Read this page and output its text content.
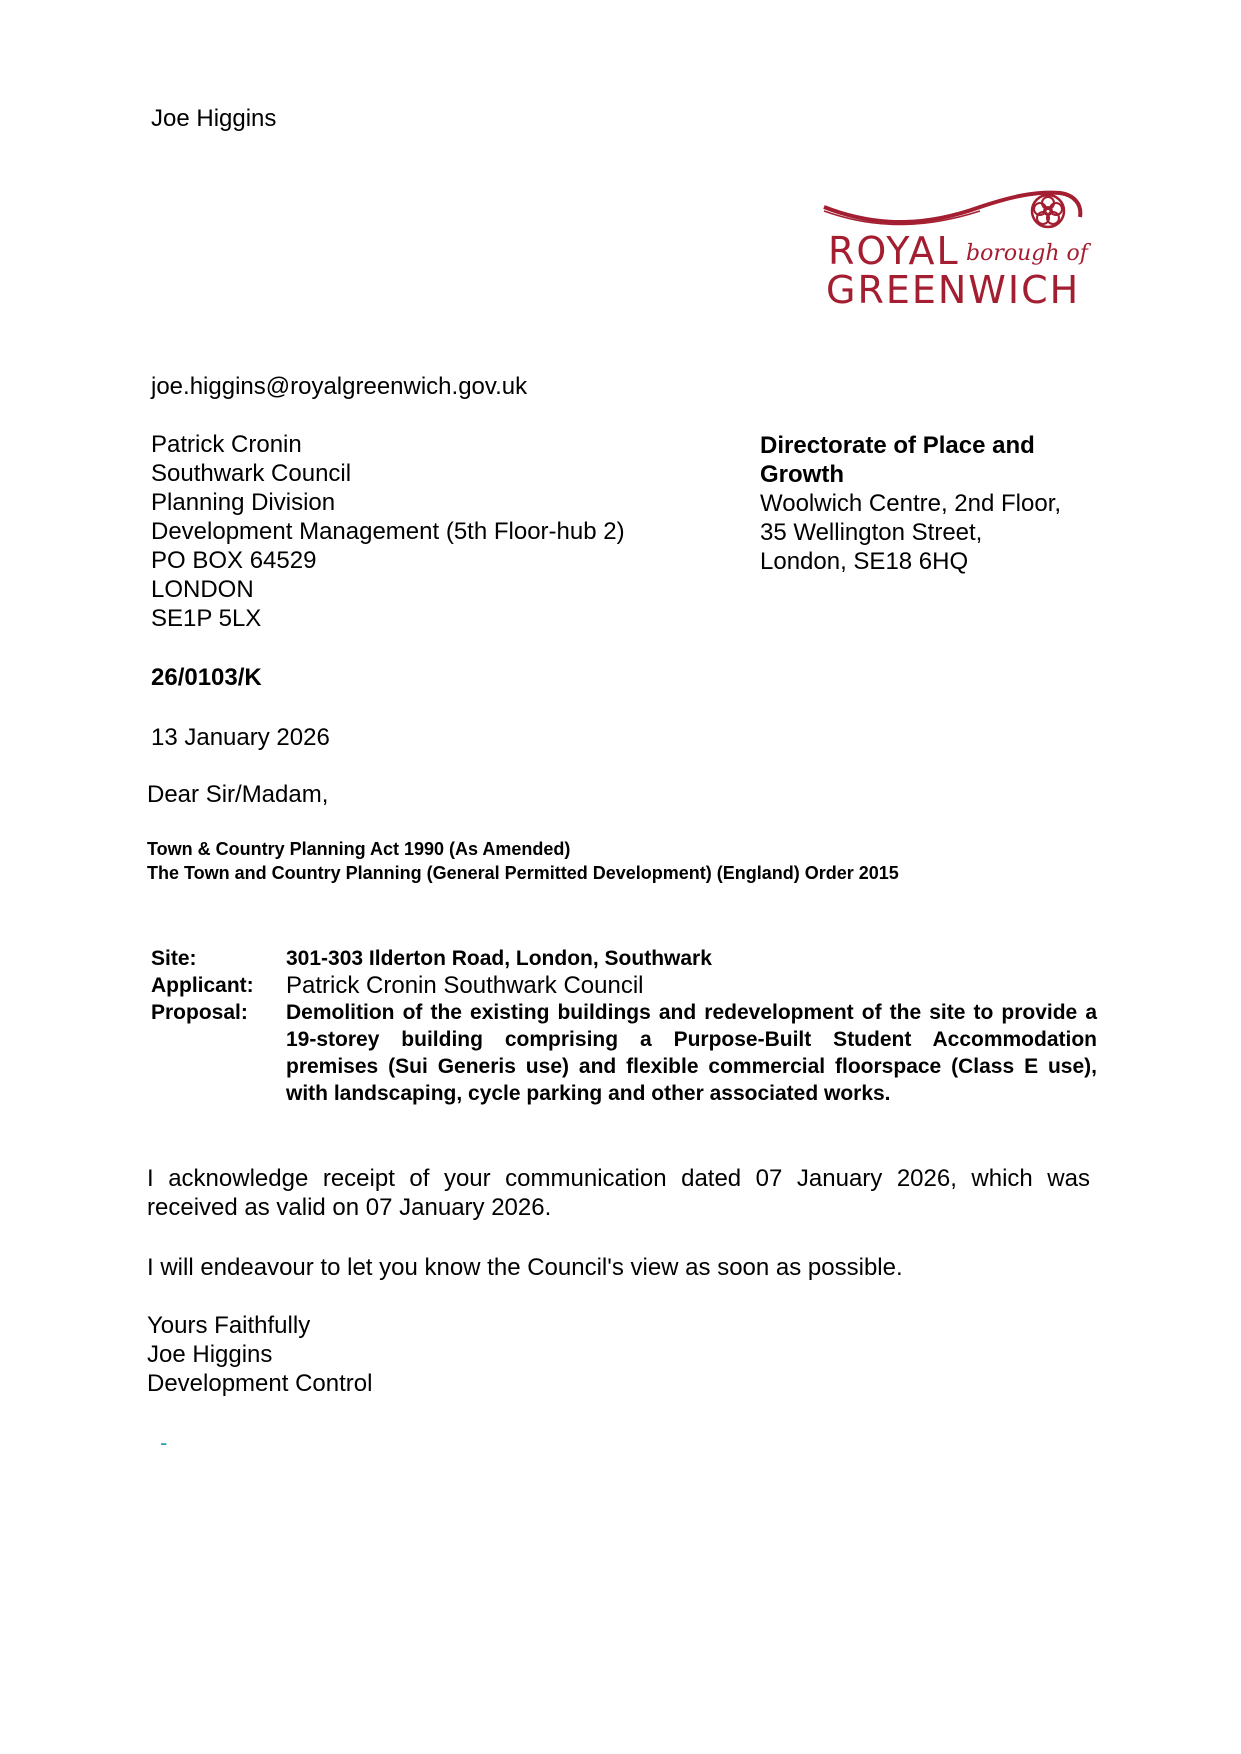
Joe Higgins
ROYAL borough of
GREENWICH
joe.higgins@royalgreenwich.gov.uk
Patrick Cronin
Southwark Council
Planning Division
Development Management (5th Floor-hub 2)
PO BOX 64529
LONDON
SE1P 5LX
Directorate of Place and
Growth
Woolwich Centre, 2nd Floor,
35 Wellington Street,
London, SE18 6HQ
26/0103/K
13 January 2026
Dear Sir/Madam,
Town & Country Planning Act 1990 (As Amended)
The Town and Country Planning (General Permitted Development) (England) Order 2015
Site:	301-303 Ilderton Road, London, Southwark
Applicant:	Patrick Cronin Southwark Council
Proposal:	Demolition of the existing buildings and redevelopment of the site to provide a 19-storey building comprising a Purpose-Built Student Accommodation premises (Sui Generis use) and flexible commercial floorspace (Class E use), with landscaping, cycle parking and other associated works.
I acknowledge receipt of your communication dated 07 January 2026, which was received as valid on 07 January 2026.
I will endeavour to let you know the Council's view as soon as possible.
Yours Faithfully
Joe Higgins
Development Control
-
